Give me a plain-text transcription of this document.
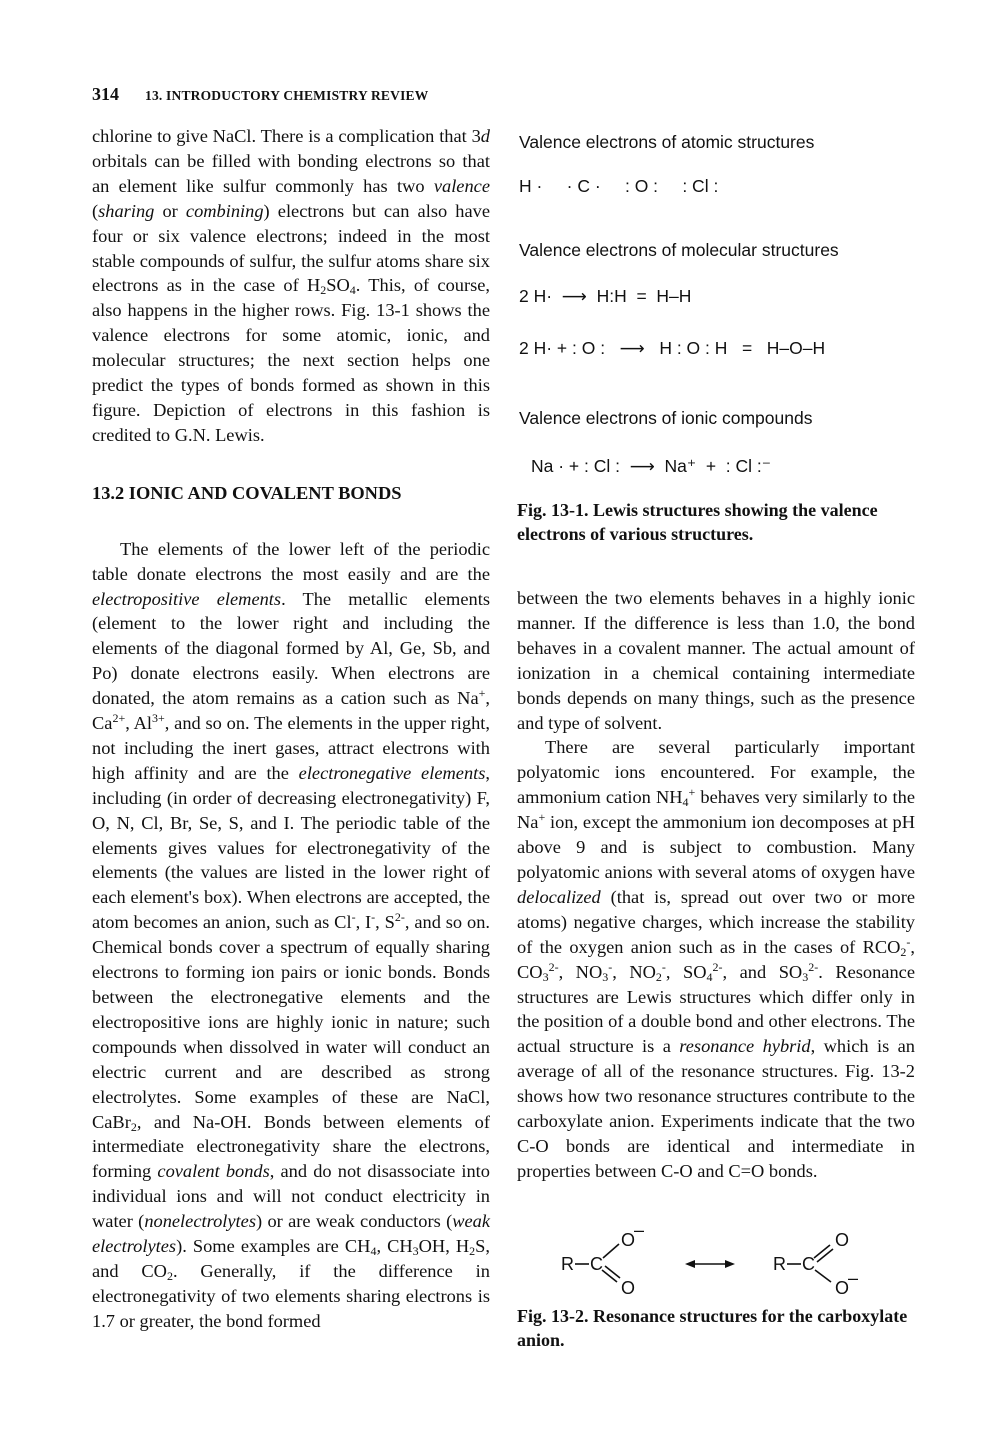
314 13. INTRODUCTORY CHEMISTRY REVIEW

chlorine to give NaCl. There is a complication that 3d orbitals can be filled with bonding electrons so that an element like sulfur commonly has two valence (sharing or combining) electrons but can also have four or six valence electrons; indeed in the most stable compounds of sulfur, the sulfur atoms share six electrons as in the case of $H_2SO_4$. This, of course, also happens in the higher rows. Fig. 13-1 shows the valence electrons for some atomic, ionic, and molecular structures; the next section helps one predict the types of bonds formed as shown in this figure. Depiction of electrons in this fashion is credited to G.N. Lewis.

13.2 IONIC AND COVALENT BONDS

The elements of the lower left of the periodic table donate electrons the most easily and are the electropositive elements. The metallic elements (element to the lower right and including the elements of the diagonal formed by Al, Ge, Sb, and Po) donate electrons easily. When electrons are donated, the atom remains as a cation such as Na+, $Ca^{2+}$, $Al^{3+}$, and so on. The elements in the upper right, not including the inert gases, attract electrons with high affinity and are the electronegative elements, including (in order of decreasing electronegativity) F, O, N, Cl, Br, Se, S, and I. The periodic table of the elements gives values for electronegativity of the elements (the values are listed in the lower right of each element's box). When electrons are accepted, the atom becomes an anion, such as Cl-, I-, $S^{2-}$, and so on. Chemical bonds cover a spectrum of equally sharing electrons to forming ion pairs or ionic bonds. Bonds between the electronegative elements and the electropositive ions are highly ionic in nature; such compounds when dissolved in water will conduct an electric current and are described as strong electrolytes. Some examples of these are NaCl, CaBr$_2$, and Na-OH. Bonds between elements of intermediate electronegativity share the electrons, forming covalent bonds, and do not disassociate into individual ions and will not conduct electricity in water (nonelectrolytes) or are weak conductors (weak electrolytes). Some examples are $CH_4$, $CH_3OH$, $H_2S$, and $CO_2$. Generally, if the difference in electronegativity of two elements sharing electrons is 1.7 or greater, the bond formed

Valence electrons of atomic structures
H ·     · C ·     : O :     : Cl :
Valence electrons of molecular structures
2 H·  ⟶  H:H  =  H–H
2 H· + : O :   ⟶   H : O : H   =   H–O–H
Valence electrons of ionic compounds
Na · + : Cl :  ⟶  Na⁺  +  : Cl :⁻
Fig. 13-1. Lewis structures showing the valence electrons of various structures.

between the two elements behaves in a highly ionic manner. If the difference is less than 1.0, the bond behaves in a covalent manner. The actual amount of ionization in a chemical containing intermediate bonds depends on many things, such as the presence and type of solvent.

There are several particularly important polyatomic ions encountered. For example, the ammonium cation $NH_4^+$ behaves very similarly to the Na+ ion, except the ammonium ion decomposes at pH above 9 and is subject to combustion. Many polyatomic anions with several atoms of oxygen have delocalized (that is, spread out over two or more atoms) negative charges, which increase the stability of the oxygen anion such as in the cases of $RCO_2^-$, $CO_3^{2-}$, $NO_3^-$, $NO_2^-$, $SO_4^{2-}$, and $SO_3^{2-}$. Resonance structures are Lewis structures which differ only in the position of a double bond and other electrons. The actual structure is a resonance hybrid, which is an average of all of the resonance structures. Fig. 13-2 shows how two resonance structures contribute to the carboxylate anion. Experiments indicate that the two C-O bonds are identical and intermediate in properties between C-O and C=O bonds.

R C
O
–
O
R C
O
O
–
Fig. 13-2. Resonance structures for the carboxylate anion.
